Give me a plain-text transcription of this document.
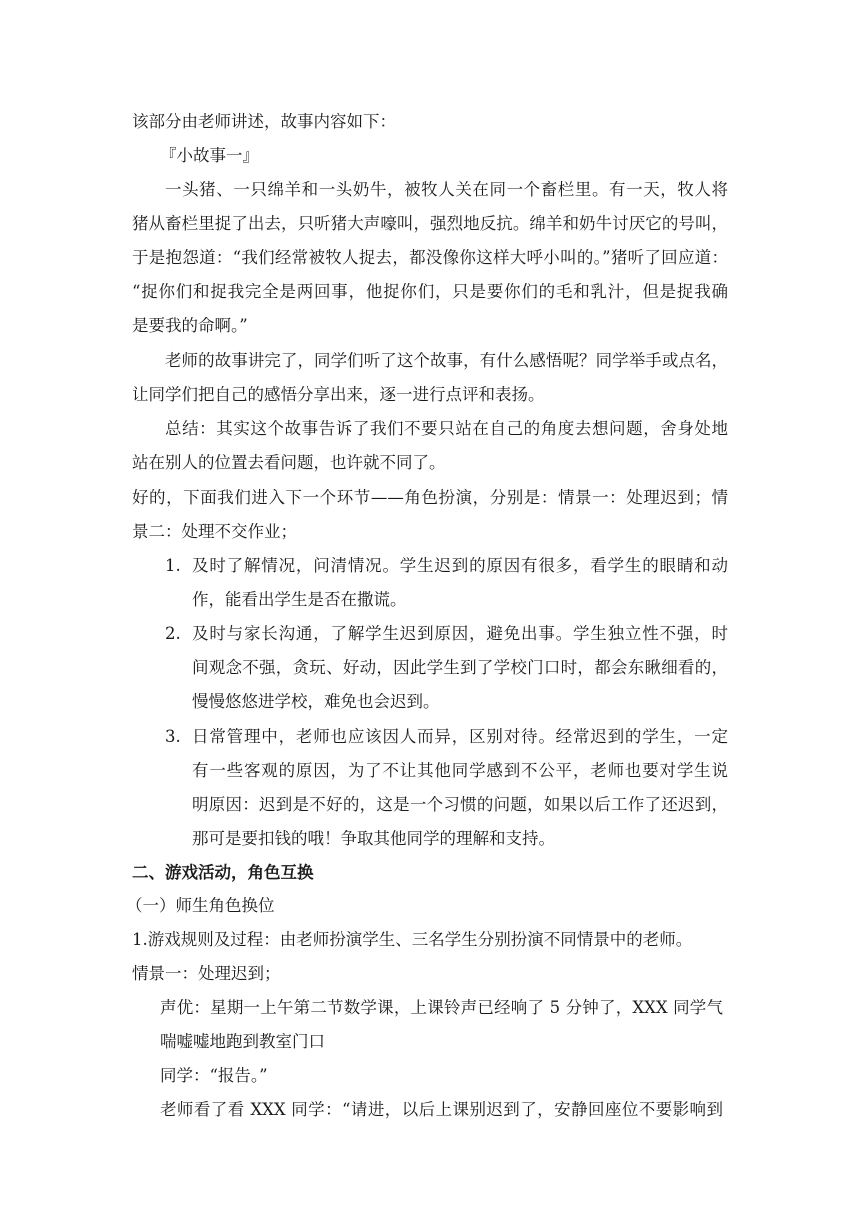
该部分由老师讲述，故事内容如下：
『小故事一』
一头猪、一只绵羊和一头奶牛，被牧人关在同一个畜栏里。有一天，牧人将
猪从畜栏里捉了出去，只听猪大声嚎叫，强烈地反抗。绵羊和奶牛讨厌它的号叫，
于是抱怨道：“我们经常被牧人捉去，都没像你这样大呼小叫的。”猪听了回应道：
“捉你们和捉我完全是两回事，他捉你们，只是要你们的毛和乳汁，但是捉我确
是要我的命啊。”
老师的故事讲完了，同学们听了这个故事，有什么感悟呢？同学举手或点名，
让同学们把自己的感悟分享出来，逐一进行点评和表扬。
总结：其实这个故事告诉了我们不要只站在自己的角度去想问题，舍身处地
站在别人的位置去看问题，也许就不同了。
好的，下面我们进入下一个环节——角色扮演，分别是：情景一：处理迟到；情
景二：处理不交作业；
1. 及时了解情况，问清情况。学生迟到的原因有很多，看学生的眼睛和动
作，能看出学生是否在撒谎。
2. 及时与家长沟通，了解学生迟到原因，避免出事。学生独立性不强，时
间观念不强，贪玩、好动，因此学生到了学校门口时，都会东瞅细看的，
慢慢悠悠进学校，难免也会迟到。
3. 日常管理中，老师也应该因人而异，区别对待。经常迟到的学生，一定
有一些客观的原因，为了不让其他同学感到不公平，老师也要对学生说
明原因：迟到是不好的，这是一个习惯的问题，如果以后工作了还迟到，
那可是要扣钱的哦！争取其他同学的理解和支持。
二、游戏活动，角色互换
（一）师生角色换位
1.游戏规则及过程：由老师扮演学生、三名学生分别扮演不同情景中的老师。
情景一：处理迟到；
声优：星期一上午第二节数学课，上课铃声已经响了 5 分钟了，XXX 同学气
喘嘘嘘地跑到教室门口
同学：“报告。”
老师看了看 XXX 同学：“请进，以后上课别迟到了，安静回座位不要影响到
